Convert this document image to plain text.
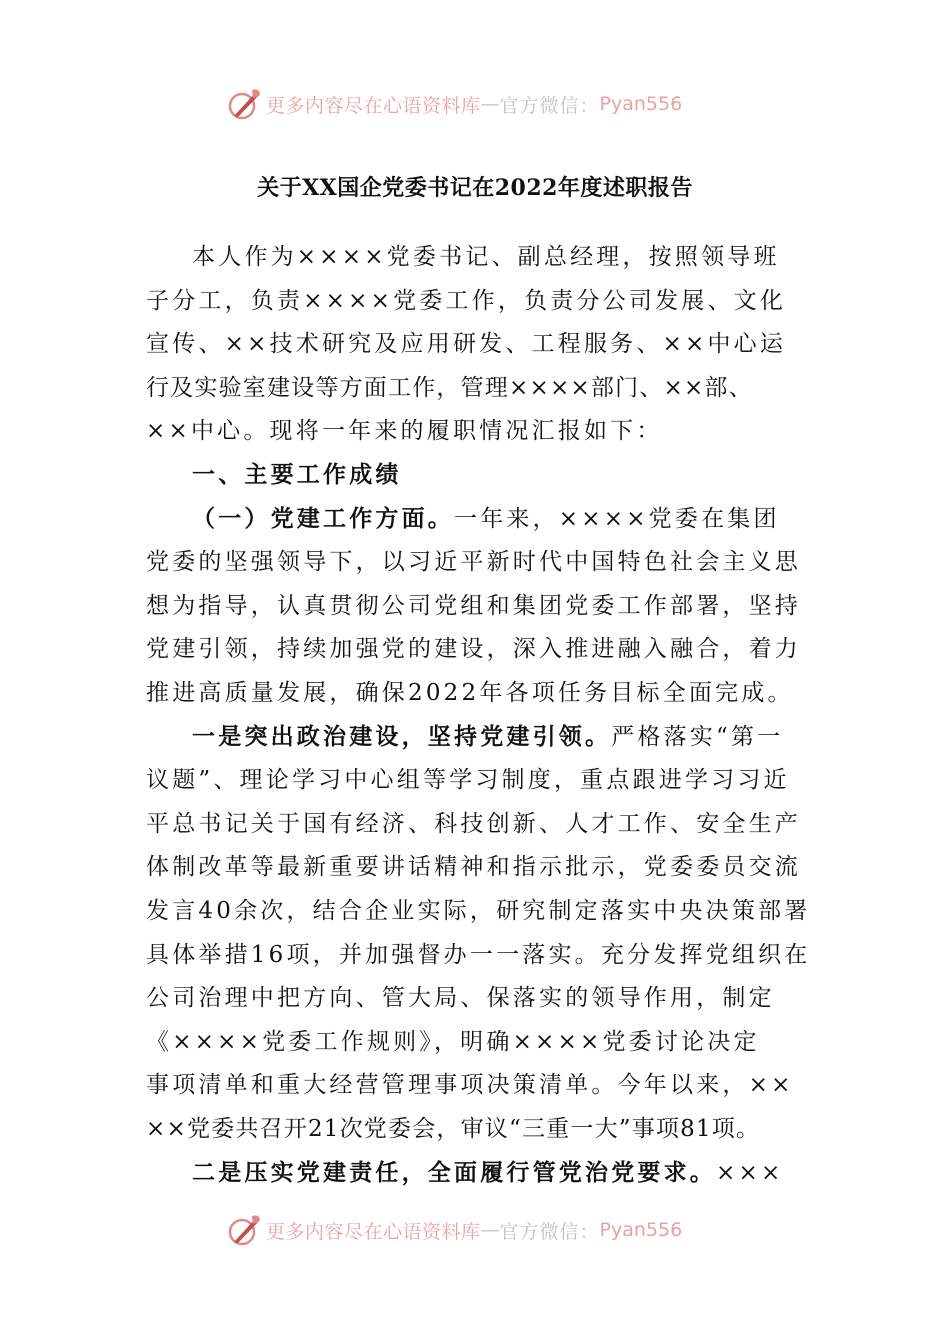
更多内容尽在心语资料库 — 官方微信： Pyan556
关于XX国企党委书记在2022年度述职报告
本人作为××××党委书记、副总经理，按照领导班
子分工，负责××××党委工作，负责分公司发展、文化
宣传、××技术研究及应用研发、工程服务、××中心运
行及实验室建设等方面工作，管理××××部门、××部、
××中心。现将一年来的履职情况汇报如下：
一、主要工作成绩
（一）党建工作方面。一年来，××××党委在集团
党委的坚强领导下，以习近平新时代中国特色社会主义思
想为指导，认真贯彻公司党组和集团党委工作部署，坚持
党建引领，持续加强党的建设，深入推进融入融合，着力
推进高质量发展，确保2022年各项任务目标全面完成。
一是突出政治建设，坚持党建引领。严格落实“第一
议题”、理论学习中心组等学习制度，重点跟进学习习近
平总书记关于国有经济、科技创新、人才工作、安全生产
体制改革等最新重要讲话精神和指示批示，党委委员交流
发言40余次，结合企业实际，研究制定落实中央决策部署
具体举措16项，并加强督办一一落实。充分发挥党组织在
公司治理中把方向、管大局、保落实的领导作用，制定
《××××党委工作规则》，明确××××党委讨论决定
事项清单和重大经营管理事项决策清单。今年以来，××
××党委共召开21次党委会，审议“三重一大”事项81项。
二是压实党建责任，全面履行管党治党要求。×××
更多内容尽在心语资料库 — 官方微信： Pyan556
